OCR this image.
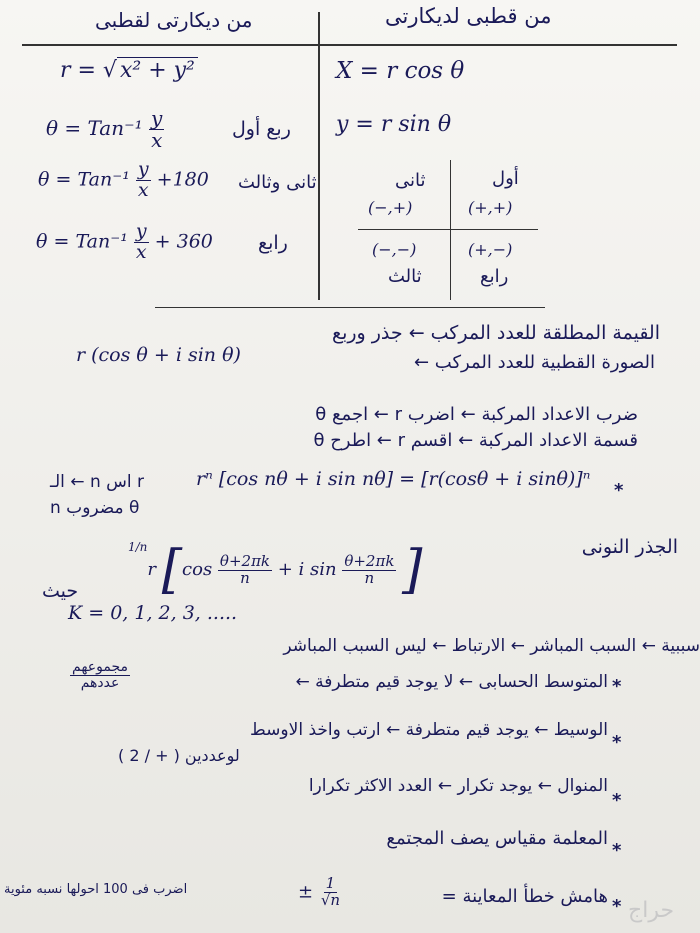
من ديكارتى لقطبى	من قطبى لديكارتى
r = √ x² + y²
$\theta = Tan^{-1} \frac{y}{x}$	ربع أول
$\theta = Tan^{-1} \frac{y}{x} +180$ ثانى وثالث
$\theta = Tan^{-1} \frac{y}{x} + 360$ رابع
X = r cos θ
y = r sin θ
أول
(+,+)
ثانى
(−,+)
(−,−)
ثالث
(+,−)
رابع
القيمة المطلقة للعدد المركب ← جذر وربع
الصورة القطبية للعدد المركب ←
r (cos θ + i sin θ)
ضرب الاعداد المركبة ← اضرب r ← اجمع θ
قسمة الاعداد المركبة ← اقسم r ← اطرح θ
r اس n ← الـ
θ مضروب n
rⁿ [cos nθ + i sin nθ] = [r(cosθ + i sinθ)]ⁿ
*
الجذر النونى
$^{1/n}$r [$\cos \frac{\theta+2\pi k}{n} + i$ $\sin \frac{\theta+2\pi k}{n}$ ]
حيث
K = 0, 1, 2, 3, .....
سببية ← السبب المباشر ← الارتباط ← ليس السبب المباشر
*
المتوسط الحسابى ← لا يوجد قيم متطرفة ←
$\frac{\text{مجموعهم}}{\text{عددهم}}$
*
الوسيط ← يوجد قيم متطرفة ← ارتب واخذ الاوسط
لوعددين ( + / 2 )
*
المنوال ← يوجد تكرار ← العدد الاكثر تكرارا
*
المعلمة مقياس يصف المجتمع
*
هامش خطأ المعاينة =
± $\frac{1}{√n}$
اضرب فى 100 احولها نسبه مئوية
حراج
